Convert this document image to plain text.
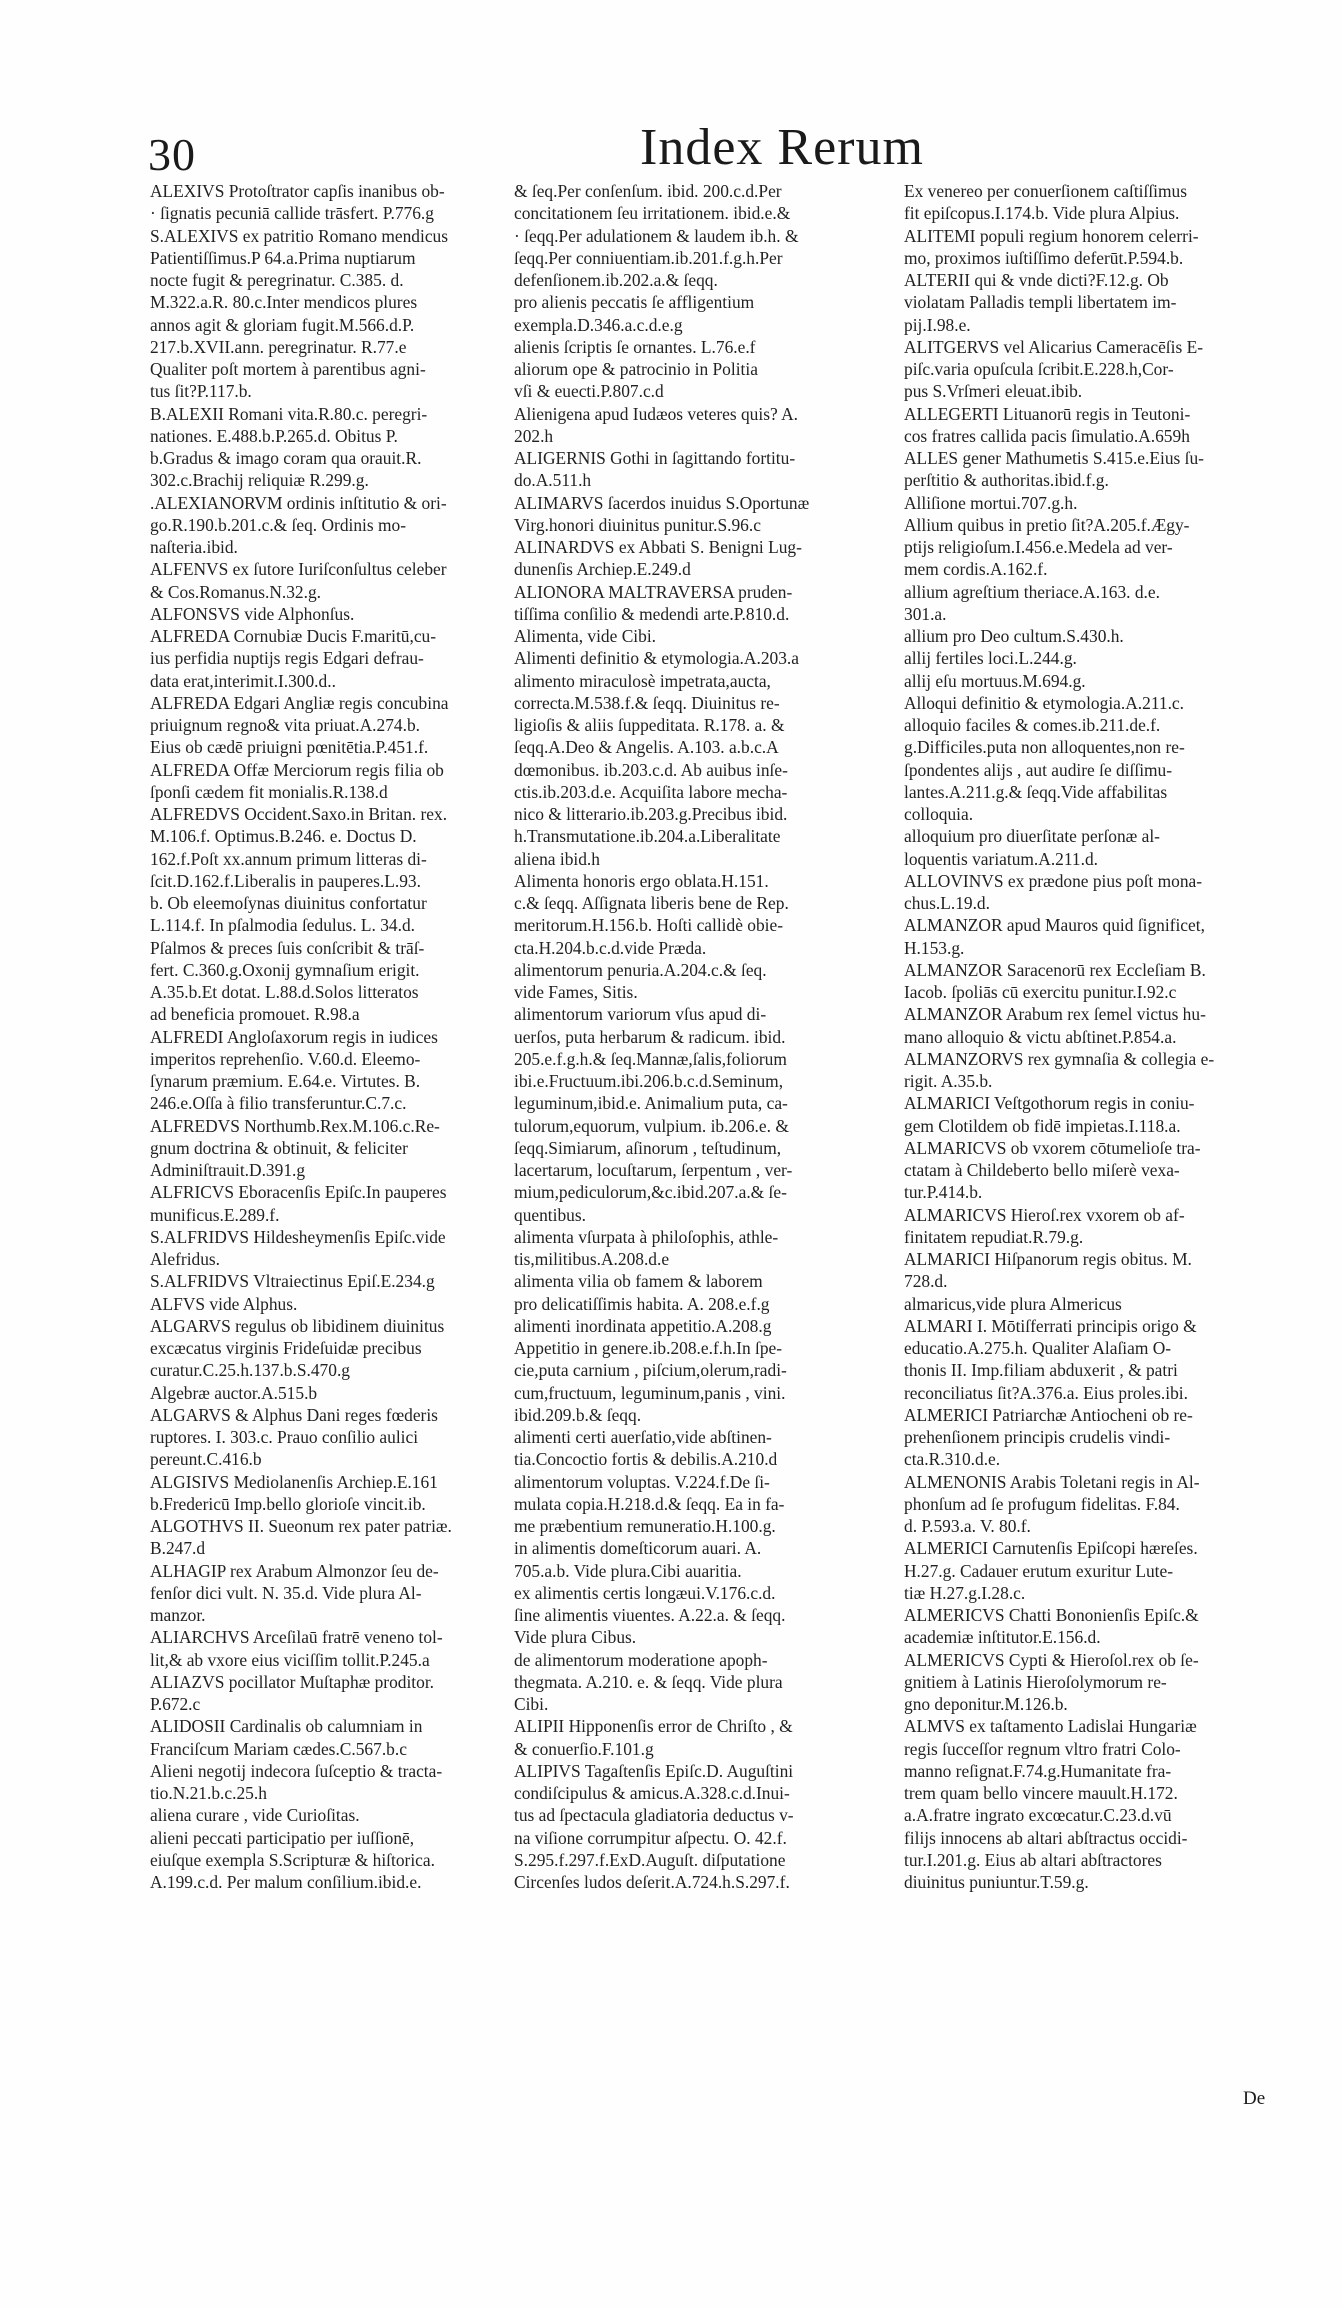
30	Index Rerum
ALEXIVS Protoſtrator capſis inanibus ob-
· ſignatis pecuniā callide trāsfert. P.776.g
S.ALEXIVS ex patritio Romano mendicus
Patientiſſimus.P 64.a.Prima nuptiarum
nocte fugit & peregrinatur. C.385. d.
M.322.a.R. 80.c.Inter mendicos plures
annos agit & gloriam fugit.M.566.d.P.
217.b.XVII.ann. peregrinatur. R.77.e
Qualiter poſt mortem à parentibus agni-
tus ſit?P.117.b.
B.ALEXII Romani vita.R.80.c. peregri-
nationes. E.488.b.P.265.d. Obitus P.
b.Gradus & imago coram qua orauit.R.
302.c.Brachij reliquiæ R.299.g.
.ALEXIANORVM ordinis inſtitutio & ori-
go.R.190.b.201.c.& ſeq. Ordinis mo-
naſteria.ibid.
ALFENVS ex ſutore Iuriſconſultus celeber
& Cos.Romanus.N.32.g.
ALFONSVS vide Alphonſus.
ALFREDA Cornubiæ Ducis F.maritū,cu-
ius perfidia nuptijs regis Edgari defrau-
data erat,interimit.I.300.d..
ALFREDA Edgari Angliæ regis concubina
priuignum regno& vita priuat.A.274.b.
Eius ob cædē priuigni pœnitētia.P.451.f.
ALFREDA Offæ Merciorum regis filia ob
ſponſi cædem fit monialis.R.138.d
ALFREDVS Occident.Saxo.in Britan. rex.
M.106.f. Optimus.B.246. e. Doctus D.
162.f.Poſt xx.annum primum litteras di-
ſcit.D.162.f.Liberalis in pauperes.L.93.
b. Ob eleemoſynas diuinitus confortatur
L.114.f. In pſalmodia ſedulus. L. 34.d.
Pſalmos & preces ſuis conſcribit & trāſ-
fert. C.360.g.Oxonij gymnaſium erigit.
A.35.b.Et dotat. L.88.d.Solos litteratos
ad beneficia promouet. R.98.a
ALFREDI Angloſaxorum regis in iudices
imperitos reprehenſio. V.60.d. Eleemo-
ſynarum præmium. E.64.e. Virtutes. B.
246.e.Oſſa à filio transferuntur.C.7.c.
ALFREDVS Northumb.Rex.M.106.c.Re-
gnum doctrina & obtinuit, & feliciter
Adminiſtrauit.D.391.g
ALFRICVS Eboracenſis Epiſc.In pauperes
munificus.E.289.f.
S.ALFRIDVS Hildesheymenſis Epiſc.vide
Alefridus.
S.ALFRIDVS Vltraiectinus Epiſ.E.234.g
ALFVS vide Alphus.
ALGARVS regulus ob libidinem diuinitus
excæcatus virginis Frideſuidæ precibus
curatur.C.25.h.137.b.S.470.g
Algebræ auctor.A.515.b
ALGARVS & Alphus Dani reges fœderis
ruptores. I. 303.c. Prauo conſilio aulici
pereunt.C.416.b
ALGISIVS Mediolanenſis Archiep.E.161
b.Fredericū Imp.bello glorioſe vincit.ib.
ALGOTHVS II. Sueonum rex pater patriæ.
B.247.d
ALHAGIP rex Arabum Almonzor ſeu de-
fenſor dici vult. N. 35.d. Vide plura Al-
manzor.
ALIARCHVS Arceſilaū fratrē veneno tol-
lit,& ab vxore eius viciſſim tollit.P.245.a
ALIAZVS pocillator Muſtaphæ proditor.
P.672.c
ALIDOSII Cardinalis ob calumniam in
Franciſcum Mariam cædes.C.567.b.c
Alieni negotij indecora ſuſceptio & tracta-
tio.N.21.b.c.25.h
aliena curare , vide Curioſitas.
alieni peccati participatio per iuſſionē,
eiuſque exempla S.Scripturæ & hiſtorica.
A.199.c.d. Per malum conſilium.ibid.e.
& ſeq.Per conſenſum. ibid. 200.c.d.Per
concitationem ſeu irritationem. ibid.e.&
· ſeqq.Per adulationem & laudem ib.h. &
ſeqq.Per conniuentiam.ib.201.f.g.h.Per
defenſionem.ib.202.a.& ſeqq.
pro alienis peccatis ſe affligentium
exempla.D.346.a.c.d.e.g
alienis ſcriptis ſe ornantes. L.76.e.f
aliorum ope & patrocinio in Politia
vſi & euecti.P.807.c.d
Alienigena apud Iudæos veteres quis? A.
202.h
ALIGERNIS Gothi in ſagittando fortitu-
do.A.511.h
ALIMARVS ſacerdos inuidus S.Oportunæ
Virg.honori diuinitus punitur.S.96.c
ALINARDVS ex Abbati S. Benigni Lug-
dunenſis Archiep.E.249.d
ALIONORA MALTRAVERSA pruden-
tiſſima conſilio & medendi arte.P.810.d.
Alimenta, vide Cibi.
Alimenti definitio & etymologia.A.203.a
alimento miraculosè impetrata,aucta,
correcta.M.538.f.& ſeqq. Diuinitus re-
ligioſis & aliis ſuppeditata. R.178. a. &
ſeqq.A.Deo & Angelis. A.103. a.b.c.A
dœmonibus. ib.203.c.d. Ab auibus inſe-
ctis.ib.203.d.e. Acquiſita labore mecha-
nico & litterario.ib.203.g.Precibus ibid.
h.Transmutatione.ib.204.a.Liberalitate
aliena ibid.h
Alimenta honoris ergo oblata.H.151.
c.& ſeqq. Aſſignata liberis bene de Rep.
meritorum.H.156.b. Hoſti callidè obie-
cta.H.204.b.c.d.vide Præda.
alimentorum penuria.A.204.c.& ſeq.
vide Fames, Sitis.
alimentorum variorum vſus apud di-
uerſos, puta herbarum & radicum. ibid.
205.e.f.g.h.& ſeq.Mannæ,ſalis,foliorum
ibi.e.Fructuum.ibi.206.b.c.d.Seminum,
leguminum,ibid.e. Animalium puta, ca-
tulorum,equorum, vulpium. ib.206.e. &
ſeqq.Simiarum, aſinorum , teſtudinum,
lacertarum, locuſtarum, ſerpentum , ver-
mium,pediculorum,&c.ibid.207.a.& ſe-
quentibus.
alimenta vſurpata à philoſophis, athle-
tis,militibus.A.208.d.e
alimenta vilia ob famem & laborem
pro delicatiſſimis habita. A. 208.e.f.g
alimenti inordinata appetitio.A.208.g
Appetitio in genere.ib.208.e.f.h.In ſpe-
cie,puta carnium , piſcium,olerum,radi-
cum,fructuum, leguminum,panis , vini.
ibid.209.b.& ſeqq.
alimenti certi auerſatio,vide abſtinen-
tia.Concoctio fortis & debilis.A.210.d
alimentorum voluptas. V.224.f.De ſi-
mulata copia.H.218.d.& ſeqq. Ea in fa-
me præbentium remuneratio.H.100.g.
in alimentis domeſticorum auari. A.
705.a.b. Vide plura.Cibi auaritia.
ex alimentis certis longæui.V.176.c.d.
ſine alimentis viuentes. A.22.a. & ſeqq.
Vide plura Cibus.
de alimentorum moderatione apoph-
thegmata. A.210. e. & ſeqq. Vide plura
Cibi.
ALIPII Hipponenſis error de Chriſto , &
& conuerſio.F.101.g
ALIPIVS Tagaſtenſis Epiſc.D. Auguſtini
condiſcipulus & amicus.A.328.c.d.Inui-
tus ad ſpectacula gladiatoria deductus v-
na viſione corrumpitur aſpectu. O. 42.f.
S.295.f.297.f.ExD.Auguſt. diſputatione
Circenſes ludos deſerit.A.724.h.S.297.f.
Ex venereo per conuerſionem caſtiſſimus
fit epiſcopus.I.174.b. Vide plura Alpius.
ALITEMI populi regium honorem celerri-
mo, proximos iuſtiſſimo deferūt.P.594.b.
ALTERII qui & vnde dicti?F.12.g. Ob
violatam Palladis templi libertatem im-
pij.I.98.e.
ALITGERVS vel Alicarius Cameracēſis E-
piſc.varia opuſcula ſcribit.E.228.h,Cor-
pus S.Vrſmeri eleuat.ibib.
ALLEGERTI Lituanorū regis in Teutoni-
cos fratres callida pacis ſimulatio.A.659h
ALLES gener Mathumetis S.415.e.Eius ſu-
perſtitio & authoritas.ibid.f.g.
Alliſione mortui.707.g.h.
Allium quibus in pretio ſit?A.205.f.Ægy-
ptijs religioſum.I.456.e.Medela ad ver-
mem cordis.A.162.f.
allium agreſtium theriace.A.163. d.e.
301.a.
allium pro Deo cultum.S.430.h.
allij fertiles loci.L.244.g.
allij eſu mortuus.M.694.g.
Alloqui definitio & etymologia.A.211.c.
alloquio faciles & comes.ib.211.de.f.
g.Difficiles.puta non alloquentes,non re-
ſpondentes alijs , aut audire ſe diſſimu-
lantes.A.211.g.& ſeqq.Vide affabilitas
colloquia.
alloquium pro diuerſitate perſonæ al-
loquentis variatum.A.211.d.
ALLOVINVS ex prædone pius poſt mona-
chus.L.19.d.
ALMANZOR apud Mauros quid ſignificet,
H.153.g.
ALMANZOR Saracenorū rex Eccleſiam B.
Iacob. ſpoliās cū exercitu punitur.I.92.c
ALMANZOR Arabum rex ſemel victus hu-
mano alloquio & victu abſtinet.P.854.a.
ALMANZORVS rex gymnaſia & collegia e-
rigit. A.35.b.
ALMARICI Veſtgothorum regis in coniu-
gem Clotildem ob fidē impietas.I.118.a.
ALMARICVS ob vxorem cōtumelioſe tra-
ctatam à Childeberto bello miſerè vexa-
tur.P.414.b.
ALMARICVS Hieroſ.rex vxorem ob af-
finitatem repudiat.R.79.g.
ALMARICI Hiſpanorum regis obitus. M.
728.d.
almaricus,vide plura Almericus
ALMARI I. Mōtiſferrati principis origo &
educatio.A.275.h. Qualiter Alaſiam O-
thonis II. Imp.filiam abduxerit , & patri
reconciliatus ſit?A.376.a. Eius proles.ibi.
ALMERICI Patriarchæ Antiocheni ob re-
prehenſionem principis crudelis vindi-
cta.R.310.d.e.
ALMENONIS Arabis Toletani regis in Al-
phonſum ad ſe profugum fidelitas. F.84.
d. P.593.a. V. 80.f.
ALMERICI Carnutenſis Epiſcopi hæreſes.
H.27.g. Cadauer erutum exuritur Lute-
tiæ H.27.g.I.28.c.
ALMERICVS Chatti Bononienſis Epiſc.&
academiæ inſtitutor.E.156.d.
ALMERICVS Cypti & Hieroſol.rex ob ſe-
gnitiem à Latinis Hieroſolymorum re-
gno deponitur.M.126.b.
ALMVS ex taſtamento Ladislai Hungariæ
regis ſucceſſor regnum vltro fratri Colo-
manno reſignat.F.74.g.Humanitate fra-
trem quam bello vincere mauult.H.172.
a.A.fratre ingrato excœcatur.C.23.d.vū
filijs innocens ab altari abſtractus occidi-
tur.I.201.g. Eius ab altari abſtractores
diuinitus puniuntur.T.59.g.
De
